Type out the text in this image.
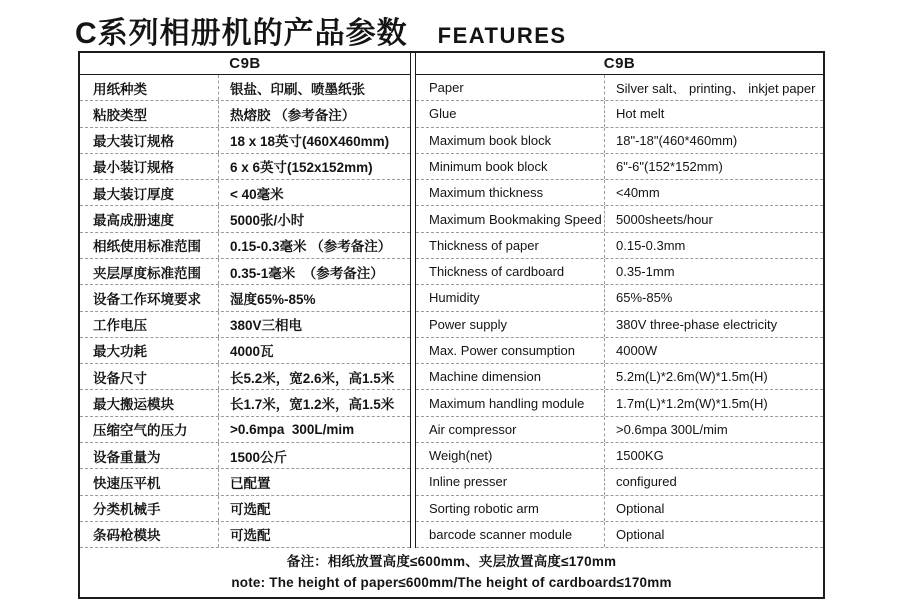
C系列相册机的产品参数 FEATURES
C9B
用纸种类	银盐、印刷、喷墨纸张
粘胶类型	热熔胶 （参考备注）
最大装订规格	18 x 18英寸(460X460mm)
最小装订规格	6 x 6英寸(152x152mm)
最大装订厚度	< 40毫米
最高成册速度	5000张/小时
相纸使用标准范围	0.15-0.3毫米 （参考备注）
夹层厚度标准范围	0.35-1毫米  （参考备注）
设备工作环境要求	湿度65%-85%
工作电压	380V三相电
最大功耗	4000瓦
设备尺寸	长5.2米，宽2.6米，高1.5米
最大搬运模块	长1.7米，宽1.2米，高1.5米
压缩空气的压力	>0.6mpa  300L/mim
设备重量为	1500公斤
快速压平机	已配置
分类机械手	可选配
条码枪模块	可选配
C9B
Paper	Silver salt、 printing、 inkjet paper
Glue	Hot melt
Maximum book block	18"-18"(460*460mm)
Minimum book block	6"-6"(152*152mm)
Maximum thickness	<40mm
Maximum Bookmaking Speed	5000sheets/hour
Thickness of paper	0.15-0.3mm
Thickness of cardboard	0.35-1mm
Humidity	65%-85%
Power supply	380V three-phase electricity
Max. Power consumption	4000W
Machine dimension	5.2m(L)*2.6m(W)*1.5m(H)
Maximum handling module	1.7m(L)*1.2m(W)*1.5m(H)
Air compressor	>0.6mpa 300L/mim
Weigh(net)	1500KG
Inline presser	configured
Sorting robotic arm	Optional
barcode scanner module	Optional
备注：相纸放置高度≤600mm、夹层放置高度≤170mm
note: The height of paper≤600mm/The height of cardboard≤170mm
